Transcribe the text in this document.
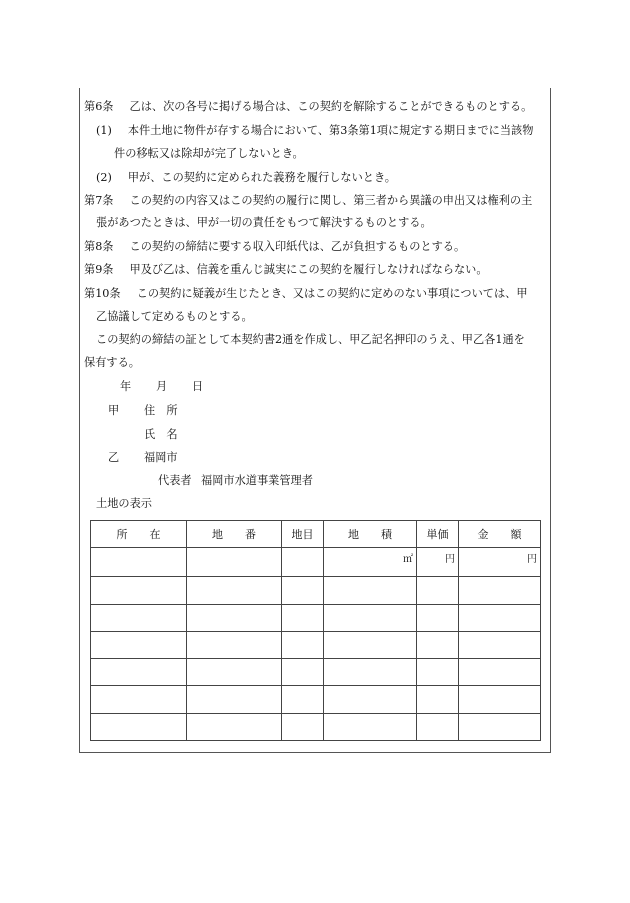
第6条 乙は、次の各号に掲げる場合は、この契約を解除することができるものとする。
(1) 本件土地に物件が存する場合において、第3条第1項に規定する期日までに当該物
件の移転又は除却が完了しないとき。
(2) 甲が、この契約に定められた義務を履行しないとき。
第7条 この契約の内容又はこの契約の履行に関し、第三者から異議の申出又は権利の主
張があつたときは、甲が一切の責任をもつて解決するものとする。
第8条 この契約の締結に要する収入印紙代は、乙が負担するものとする。
第9条 甲及び乙は、信義を重んじ誠実にこの契約を履行しなければならない。
第10条 この契約に疑義が生じたとき、又はこの契約に定めのない事項については、甲
乙協議して定めるものとする。
この契約の締結の証として本契約書2通を作成し、甲乙記名押印のうえ、甲乙各1通を
保有する。
年 月 日
甲 住　所
氏　名
乙 福岡市
代表者 福岡市水道事業管理者
土地の表示
所　　在	地　　番	地目	地　　積	単価	金　　額
			㎡	円	円
